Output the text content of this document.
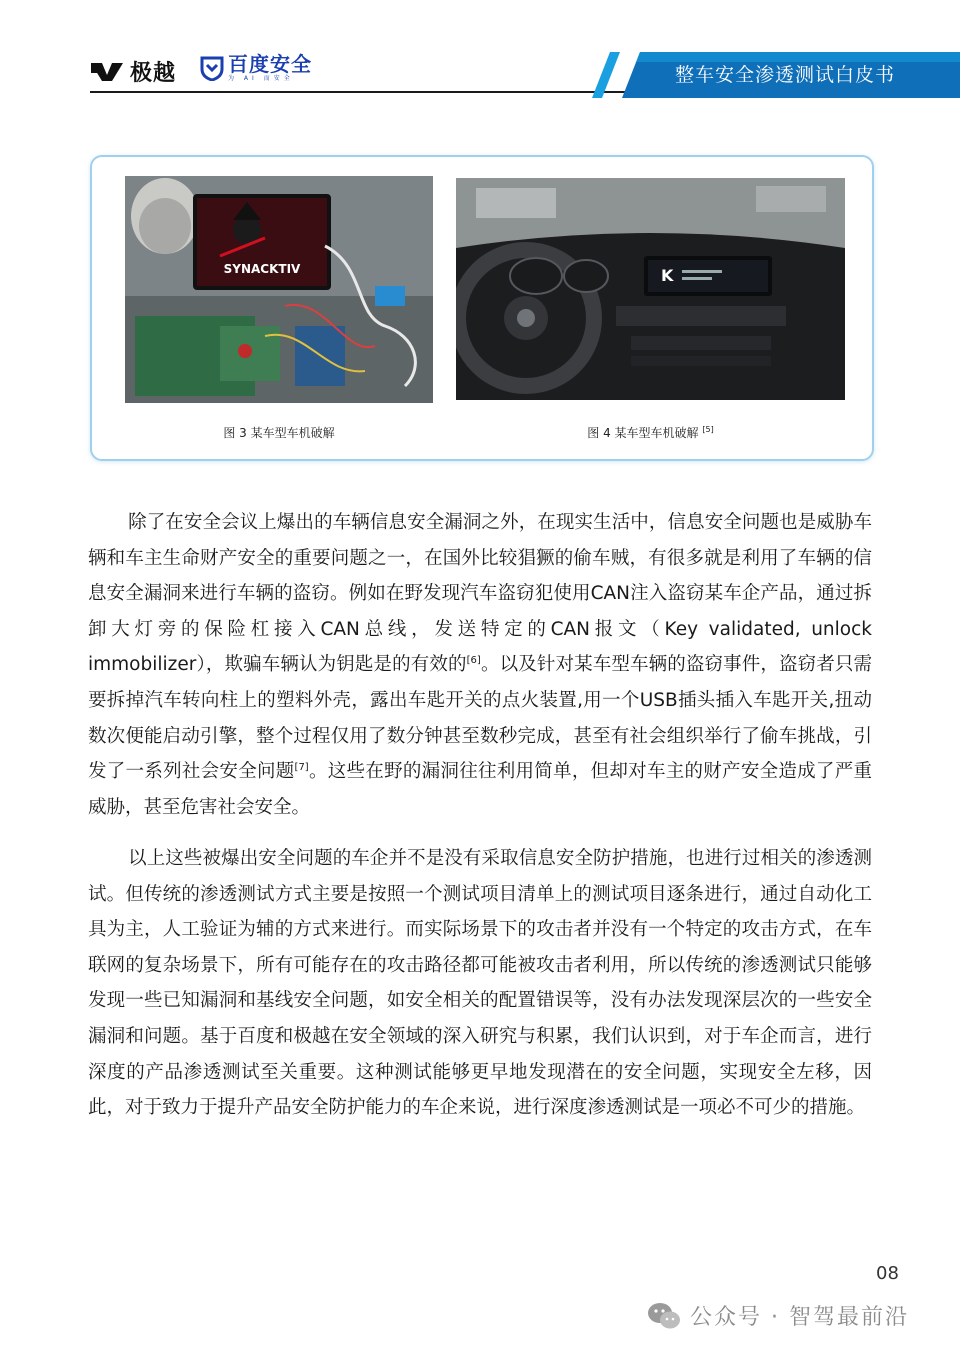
极越	百度安全
为 AI 而安全	整车安全渗透测试白皮书
SYNACKTIV	K
图 3 某车型车机破解	图 4 某车型车机破解 [5]

除了在安全会议上爆出的车辆信息安全漏洞之外，在现实生活中，信息安全问题也是威胁车辆和车主生命财产安全的重要问题之一，在国外比较猖獗的偷车贼，有很多就是利用了车辆的信息安全漏洞来进行车辆的盗窃。例如在野发现汽车盗窃犯使用CAN注入盗窃某车企产品，通过拆卸大灯旁的保险杠接入CAN总线，发送特定的CAN报文（Key validated, unlock immobilizer），欺骗车辆认为钥匙是的有效的[6]。以及针对某车型车辆的盗窃事件，盗窃者只需要拆掉汽车转向柱上的塑料外壳，露出车匙开关的点火装置,用一个USB插头插入车匙开关,扭动数次便能启动引擎，整个过程仅用了数分钟甚至数秒完成，甚至有社会组织举行了偷车挑战，引发了一系列社会安全问题[7]。这些在野的漏洞往往利用简单，但却对车主的财产安全造成了严重威胁，甚至危害社会安全。

以上这些被爆出安全问题的车企并不是没有采取信息安全防护措施，也进行过相关的渗透测试。但传统的渗透测试方式主要是按照一个测试项目清单上的测试项目逐条进行，通过自动化工具为主，人工验证为辅的方式来进行。而实际场景下的攻击者并没有一个特定的攻击方式，在车联网的复杂场景下，所有可能存在的攻击路径都可能被攻击者利用，所以传统的渗透测试只能够发现一些已知漏洞和基线安全问题，如安全相关的配置错误等，没有办法发现深层次的一些安全漏洞和问题。基于百度和极越在安全领域的深入研究与积累，我们认识到，对于车企而言，进行深度的产品渗透测试至关重要。这种测试能够更早地发现潜在的安全问题，实现安全左移，因此，对于致力于提升产品安全防护能力的车企来说，进行深度渗透测试是一项必不可少的措施。

08
公众号 · 智驾最前沿
